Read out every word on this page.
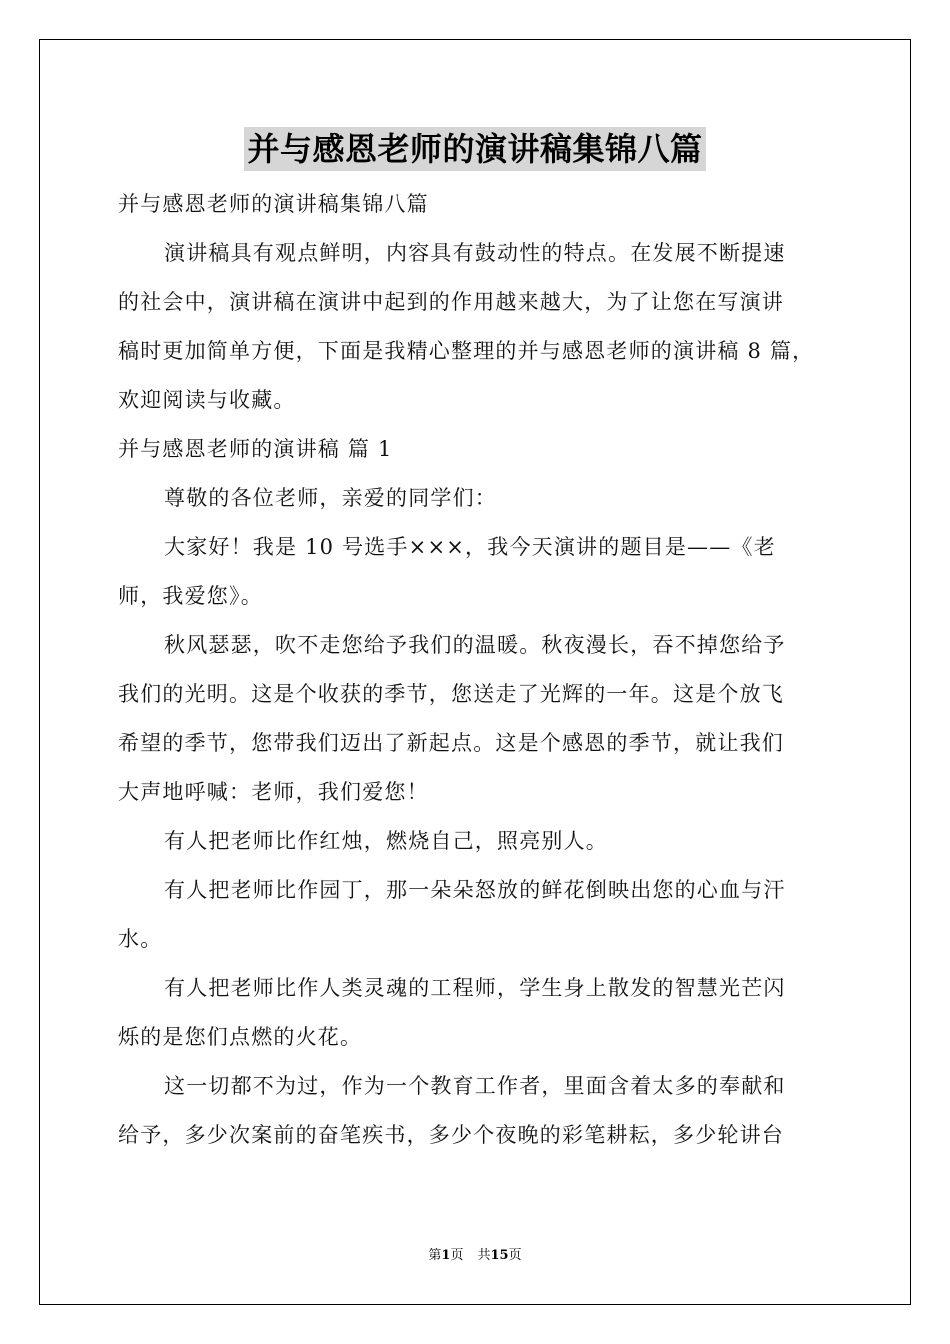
并与感恩老师的演讲稿集锦八篇
并与感恩老师的演讲稿集锦八篇
演讲稿具有观点鲜明，内容具有鼓动性的特点。在发展不断提速
的社会中，演讲稿在演讲中起到的作用越来越大，为了让您在写演讲
稿时更加简单方便，下面是我精心整理的并与感恩老师的演讲稿 8 篇，
欢迎阅读与收藏。
并与感恩老师的演讲稿 篇 1
尊敬的各位老师，亲爱的同学们：
大家好！我是 10 号选手×××，我今天演讲的题目是——《老
师，我爱您》。
秋风瑟瑟，吹不走您给予我们的温暖。秋夜漫长，吞不掉您给予
我们的光明。这是个收获的季节，您送走了光辉的一年。这是个放飞
希望的季节，您带我们迈出了新起点。这是个感恩的季节，就让我们
大声地呼喊：老师，我们爱您！
有人把老师比作红烛，燃烧自己，照亮别人。
有人把老师比作园丁，那一朵朵怒放的鲜花倒映出您的心血与汗
水。
有人把老师比作人类灵魂的工程师，学生身上散发的智慧光芒闪
烁的是您们点燃的火花。
这一切都不为过，作为一个教育工作者，里面含着太多的奉献和
给予，多少次案前的奋笔疾书，多少个夜晚的彩笔耕耘，多少轮讲台
第1页 共15页
